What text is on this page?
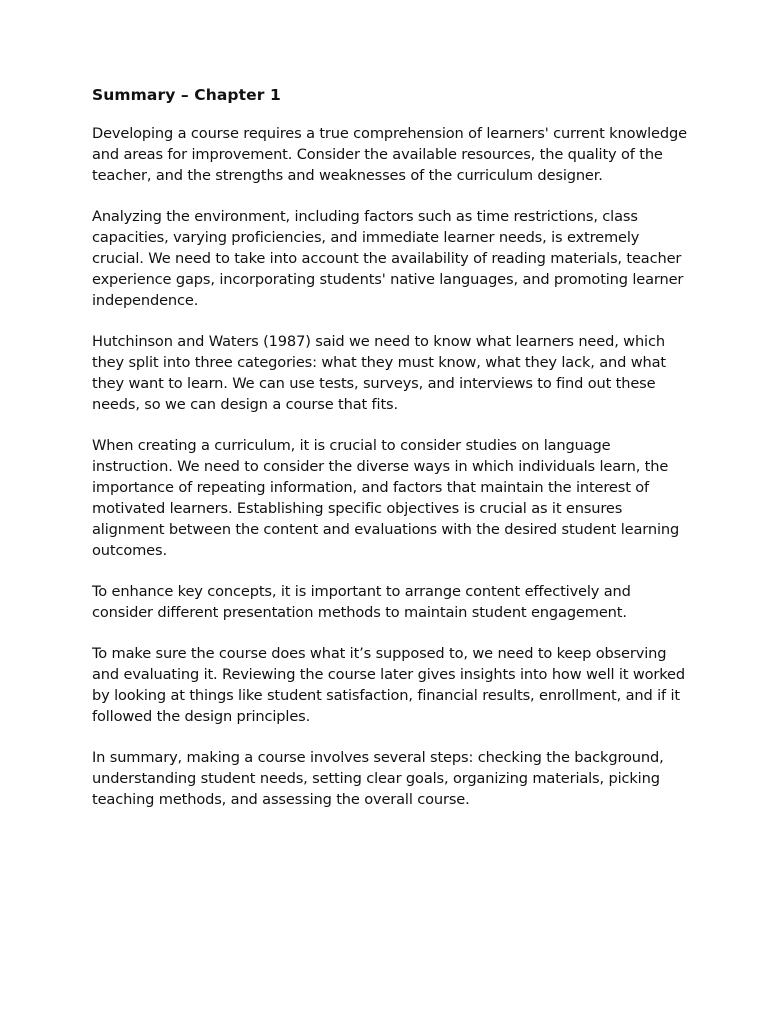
Summary – Chapter 1

Developing a course requires a true comprehension of learners' current knowledge and areas for improvement. Consider the available resources, the quality of the teacher, and the strengths and weaknesses of the curriculum designer.

Analyzing the environment, including factors such as time restrictions, class capacities, varying proficiencies, and immediate learner needs, is extremely crucial. We need to take into account the availability of reading materials, teacher experience gaps, incorporating students' native languages, and promoting learner independence.

Hutchinson and Waters (1987) said we need to know what learners need, which they split into three categories: what they must know, what they lack, and what they want to learn. We can use tests, surveys, and interviews to find out these needs, so we can design a course that fits.

When creating a curriculum, it is crucial to consider studies on language instruction. We need to consider the diverse ways in which individuals learn, the importance of repeating information, and factors that maintain the interest of motivated learners. Establishing specific objectives is crucial as it ensures alignment between the content and evaluations with the desired student learning outcomes.

To enhance key concepts, it is important to arrange content effectively and consider different presentation methods to maintain student engagement.

To make sure the course does what it’s supposed to, we need to keep observing and evaluating it. Reviewing the course later gives insights into how well it worked by looking at things like student satisfaction, financial results, enrollment, and if it followed the design principles.

In summary, making a course involves several steps: checking the background, understanding student needs, setting clear goals, organizing materials, picking teaching methods, and assessing the overall course.
